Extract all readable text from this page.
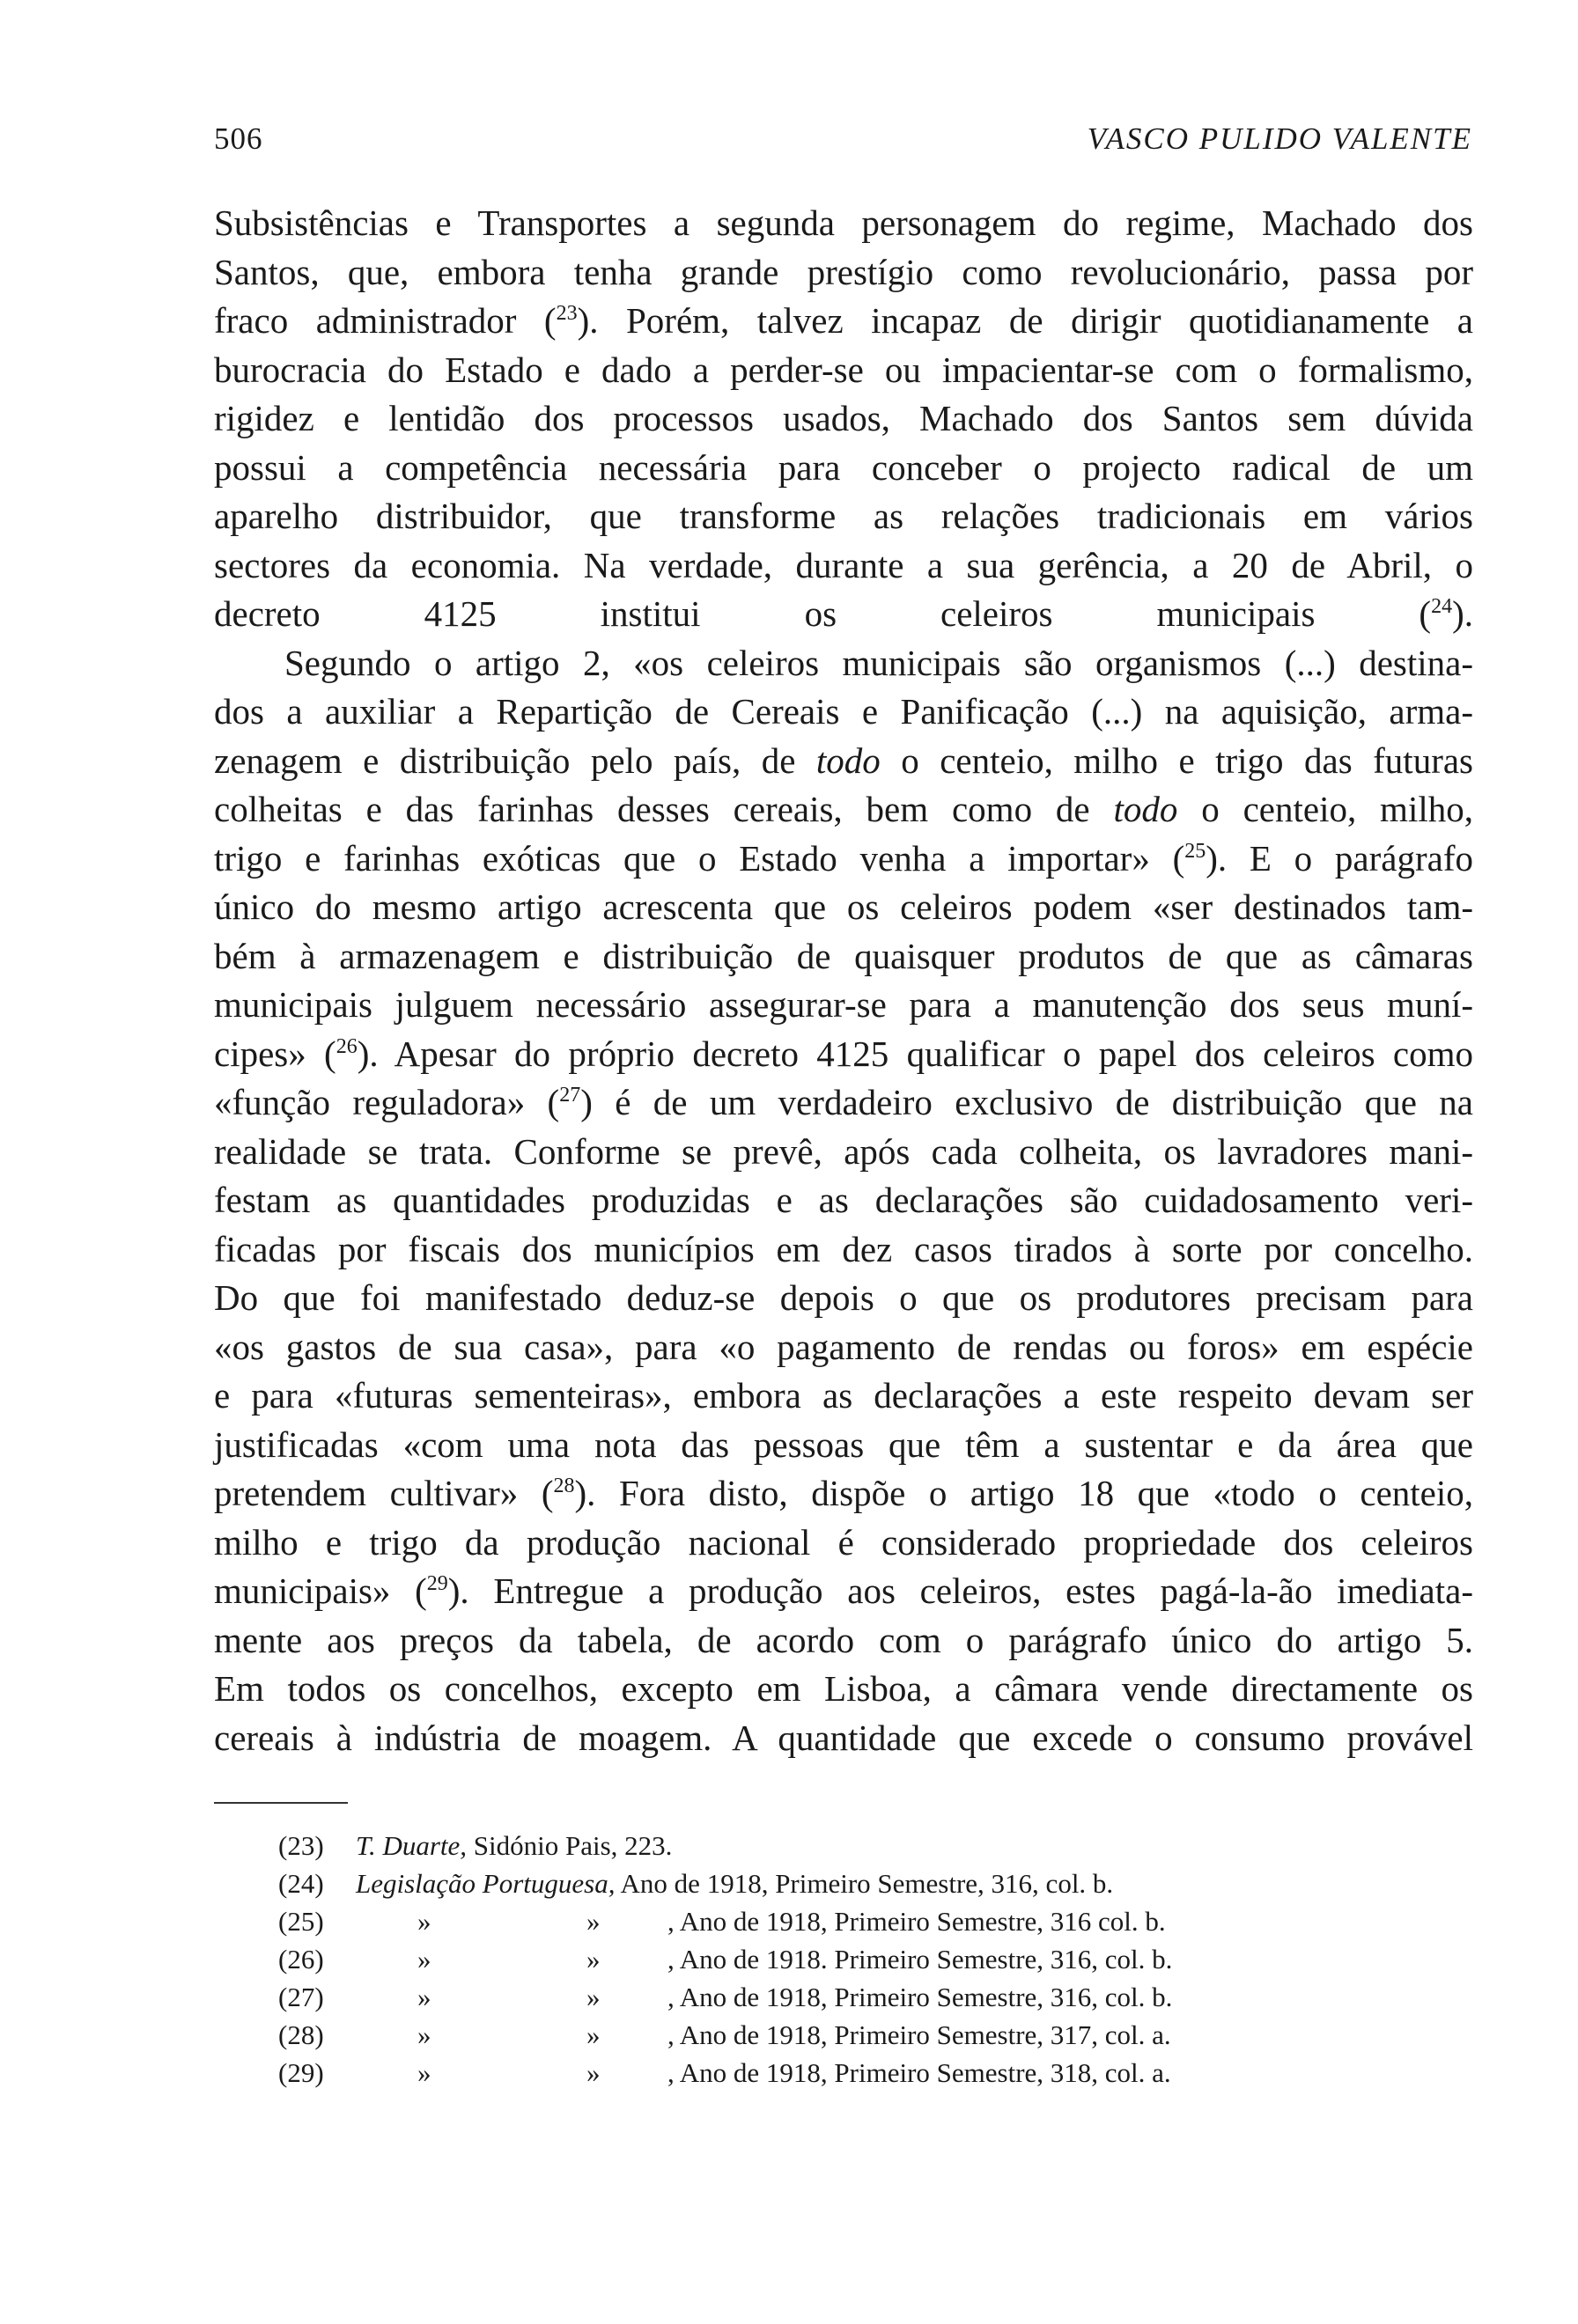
506	VASCO PULIDO VALENTE

Subsistências e Transportes a segunda personagem do regime, Machado dos
Santos, que, embora tenha grande prestígio como revolucionário, passa por
fraco administrador ($^{23}$). Porém, talvez incapaz de dirigir quotidianamente a
burocracia do Estado e dado a perder-se ou impacientar-se com o formalismo,
rigidez e lentidão dos processos usados, Machado dos Santos sem dúvida
possui a competência necessária para conceber o projecto radical de um
aparelho distribuidor, que transforme as relações tradicionais em vários
sectores da economia. Na verdade, durante a sua gerência, a 20 de Abril, o
decreto 4125 institui os celeiros municipais ($^{24}$).

Segundo o artigo 2, «os celeiros municipais são organismos (...) destina-
dos a auxiliar a Repartição de Cereais e Panificação (...) na aquisição, arma-
zenagem e distribuição pelo país, de todo o centeio, milho e trigo das futuras
colheitas e das farinhas desses cereais, bem como de todo o centeio, milho,
trigo e farinhas exóticas que o Estado venha a importar» ($^{25}$). E o parágrafo
único do mesmo artigo acrescenta que os celeiros podem «ser destinados tam-
bém à armazenagem e distribuição de quaisquer produtos de que as câmaras
municipais julguem necessário assegurar-se para a manutenção dos seus muní-
cipes» ($^{26}$). Apesar do próprio decreto 4125 qualificar o papel dos celeiros como
«função reguladora» ($^{27}$) é de um verdadeiro exclusivo de distribuição que na
realidade se trata. Conforme se prevê, após cada colheita, os lavradores mani-
festam as quantidades produzidas e as declarações são cuidadosamento veri-
ficadas por fiscais dos municípios em dez casos tirados à sorte por concelho.
Do que foi manifestado deduz-se depois o que os produtores precisam para
«os gastos de sua casa», para «o pagamento de rendas ou foros» em espécie
e para «futuras sementeiras», embora as declarações a este respeito devam ser
justificadas «com uma nota das pessoas que têm a sustentar e da área que
pretendem cultivar» ($^{28}$). Fora disto, dispõe o artigo 18 que «todo o centeio,
milho e trigo da produção nacional é considerado propriedade dos celeiros
municipais» ($^{29}$). Entregue a produção aos celeiros, estes pagá-la-ão imediata-
mente aos preços da tabela, de acordo com o parágrafo único do artigo 5.
Em todos os concelhos, excepto em Lisboa, a câmara vende directamente os
cereais à indústria de moagem. A quantidade que excede o consumo provável

(23)	T. Duarte, Sidónio Pais, 223.
(24)	Legislação Portuguesa, Ano de 1918, Primeiro Semestre, 316, col. b.
(25)	»	»	, Ano de 1918, Primeiro Semestre, 316 col. b.
(26)	»	»	, Ano de 1918. Primeiro Semestre, 316, col. b.
(27)	»	»	, Ano de 1918, Primeiro Semestre, 316, col. b.
(28)	»	»	, Ano de 1918, Primeiro Semestre, 317, col. a.
(29)	»	»	, Ano de 1918, Primeiro Semestre, 318, col. a.
